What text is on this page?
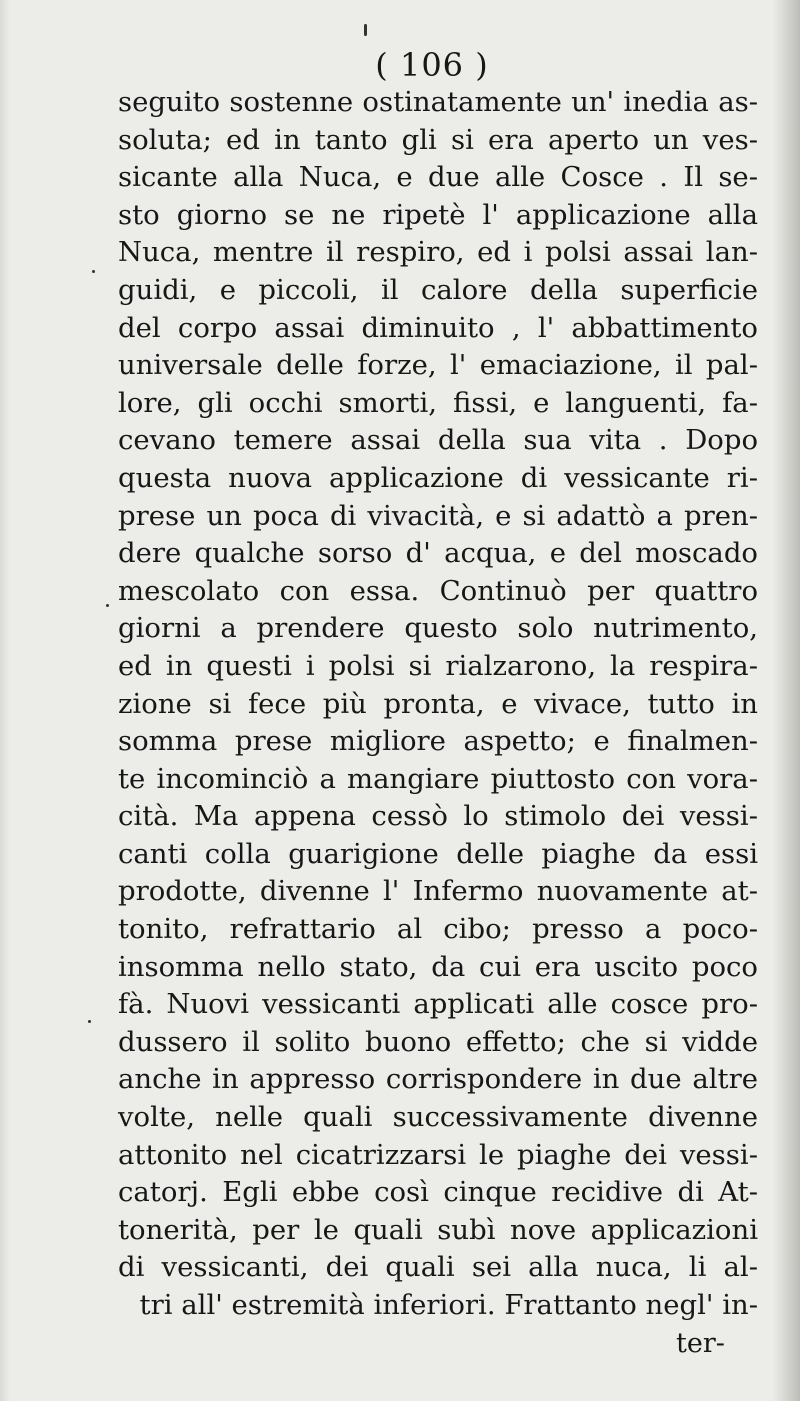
( 106 )
seguito sostenne ostinatamente un' inedia as-
soluta; ed in tanto gli si era aperto un ves-
sicante alla Nuca, e due alle Cosce . Il se-
sto giorno se ne ripetè l' applicazione alla
Nuca, mentre il respiro, ed i polsi assai lan-
guidi, e piccoli, il calore della superficie
del corpo assai diminuito , l' abbattimento
universale delle forze, l' emaciazione, il pal-
lore, gli occhi smorti, fissi, e languenti, fa-
cevano temere assai della sua vita . Dopo
questa nuova applicazione di vessicante ri-
prese un poca di vivacità, e si adattò a pren-
dere qualche sorso d' acqua, e del moscado
mescolato con essa. Continuò per quattro
giorni a prendere questo solo nutrimento,
ed in questi i polsi si rialzarono, la respira-
zione si fece più pronta, e vivace, tutto in
somma prese migliore aspetto; e finalmen-
te incominciò a mangiare piuttosto con vora-
cità. Ma appena cessò lo stimolo dei vessi-
canti colla guarigione delle piaghe da essi
prodotte, divenne l' Infermo nuovamente at-
tonito, refrattario al cibo; presso a poco-
insomma nello stato, da cui era uscito poco
fà. Nuovi vessicanti applicati alle cosce pro-
dussero il solito buono effetto; che si vidde
anche in appresso corrispondere in due altre
volte, nelle quali successivamente divenne
attonito nel cicatrizzarsi le piaghe dei vessi-
catorj. Egli ebbe così cinque recidive di At-
tonerità, per le quali subì nove applicazioni
di vessicanti, dei quali sei alla nuca, li al-
tri all' estremità inferiori. Frattanto negl' in-
ter-
